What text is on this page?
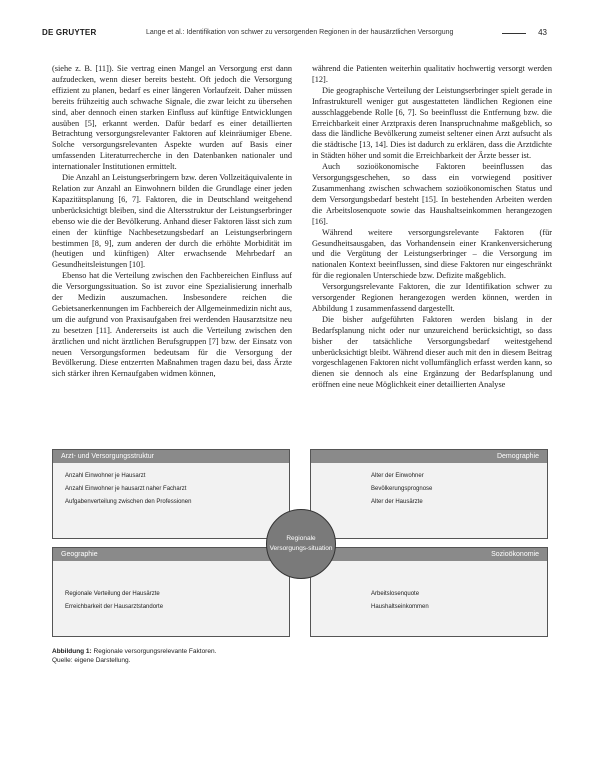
DE GRUYTER	Lange et al.: Identifikation von schwer zu versorgenden Regionen in der hausärztlichen Versorgung	43

(siehe z. B. [11]). Sie vertrag einen Mangel an Versorgung erst dann aufzudecken, wenn dieser bereits besteht. Oft jedoch die Versorgung effizient zu planen, bedarf es einer längeren Vorlaufzeit. Daher müssen bereits frühzeitig auch schwache Signale, die zwar leicht zu übersehen sind, aber dennoch einen starken Einfluss auf künftige Entwicklungen ausüben [5], erkannt werden. Dafür bedarf es einer detaillierten Betrachtung versorgungsrelevanter Faktoren auf kleinräumiger Ebene. Solche versorgungsrelevanten Aspekte wurden auf Basis einer umfassenden Literaturrecherche in den Datenbanken nationaler und internationaler Institutionen ermittelt.

Die Anzahl an Leistungserbringern bzw. deren Vollzeitäquivalente in Relation zur Anzahl an Einwohnern bilden die Grundlage einer jeden Kapazitätsplanung [6, 7]. Faktoren, die in Deutschland weitgehend unberücksichtigt bleiben, sind die Altersstruktur der Leistungserbringer ebenso wie die der Bevölkerung. Anhand dieser Faktoren lässt sich zum einen der künftige Nachbesetzungsbedarf an Leistungserbringern bestimmen [8, 9], zum anderen der durch die erhöhte Morbidität im (heutigen und künftigen) Alter erwachsende Mehrbedarf an Gesundheitsleistungen [10].

Ebenso hat die Verteilung zwischen den Fachbereichen Einfluss auf die Versorgungssituation. So ist zuvor eine Spezialisierung innerhalb der Medizin auszumachen. Insbesondere reichen die Gebietsanerkennungen im Fachbereich der Allgemeinmedizin nicht aus, um die aufgrund von Praxisaufgaben frei werdenden Hausarztsitze neu zu besetzen [11]. Andererseits ist auch die Verteilung zwischen den ärztlichen und nicht ärztlichen Berufsgruppen [7] bzw. der Einsatz von neuen Versorgungsformen bedeutsam für die Versorgung der Bevölkerung. Diese entzerrten Maßnahmen tragen dazu bei, dass Ärzte sich stärker ihren Kernaufgaben widmen können,

während die Patienten weiterhin qualitativ hochwertig versorgt werden [12].

Die geographische Verteilung der Leistungserbringer spielt gerade in Infrastrukturell weniger gut ausgestatteten ländlichen Regionen eine ausschlaggebende Rolle [6, 7]. So beeinflusst die Entfernung bzw. die Erreichbarkeit einer Arztpraxis deren Inanspruchnahme maßgeblich, so dass die ländliche Bevölkerung zumeist seltener einen Arzt aufsucht als die städtische [13, 14]. Dies ist dadurch zu erklären, dass die Arztdichte in Städten höher und somit die Erreichbarkeit der Ärzte besser ist.

Auch sozioökonomische Faktoren beeinflussen das Versorgungsgeschehen, so dass ein vorwiegend positiver Zusammenhang zwischen schwachem sozioökonomischen Status und dem Versorgungsbedarf besteht [15]. In bestehenden Arbeiten werden die Arbeitslosenquote sowie das Haushaltseinkommen herangezogen [16].

Während weitere versorgungsrelevante Faktoren (für Gesundheitsausgaben, das Vorhandensein einer Krankenversicherung und die Vergütung der Leistungserbringer – die Versorgung im nationalen Kontext beeinflussen, sind diese Faktoren nur eingeschränkt für die regionalen Unterschiede bzw. Defizite maßgeblich.

Versorgungsrelevante Faktoren, die zur Identifikation schwer zu versorgender Regionen herangezogen werden können, werden in Abbildung 1 zusammenfassend dargestellt.

Die bisher aufgeführten Faktoren werden bislang in der Bedarfsplanung nicht oder nur unzureichend berücksichtigt, so dass bisher der tatsächliche Versorgungsbedarf weitestgehend unberücksichtigt bleibt. Während dieser auch mit den in diesem Beitrag vorgeschlagenen Faktoren nicht vollumfänglich erfasst werden kann, so dienen sie dennoch als eine Ergänzung der Bedarfsplanung und eröffnen eine neue Möglichkeit einer detaillierten Analyse

Arzt- und Versorgungsstruktur
Anzahl Einwohner je Hausarzt
Anzahl Einwohner je hausarzt naher Facharzt
Aufgabenverteilung zwischen den Professionen
Demographie
Alter der Einwohner
Bevölkerungsprognose
Alter der Hausärzte
Geographie
Regionale Verteilung der Hausärzte
Erreichbarkeit der Hausarztstandorte
Sozioökonomie
Arbeitslosenquote
Haushaltseinkommen
Regionale Versorgungs-situation
Abbildung 1: Regionale versorgungsrelevante Faktoren.
Quelle: eigene Darstellung.
